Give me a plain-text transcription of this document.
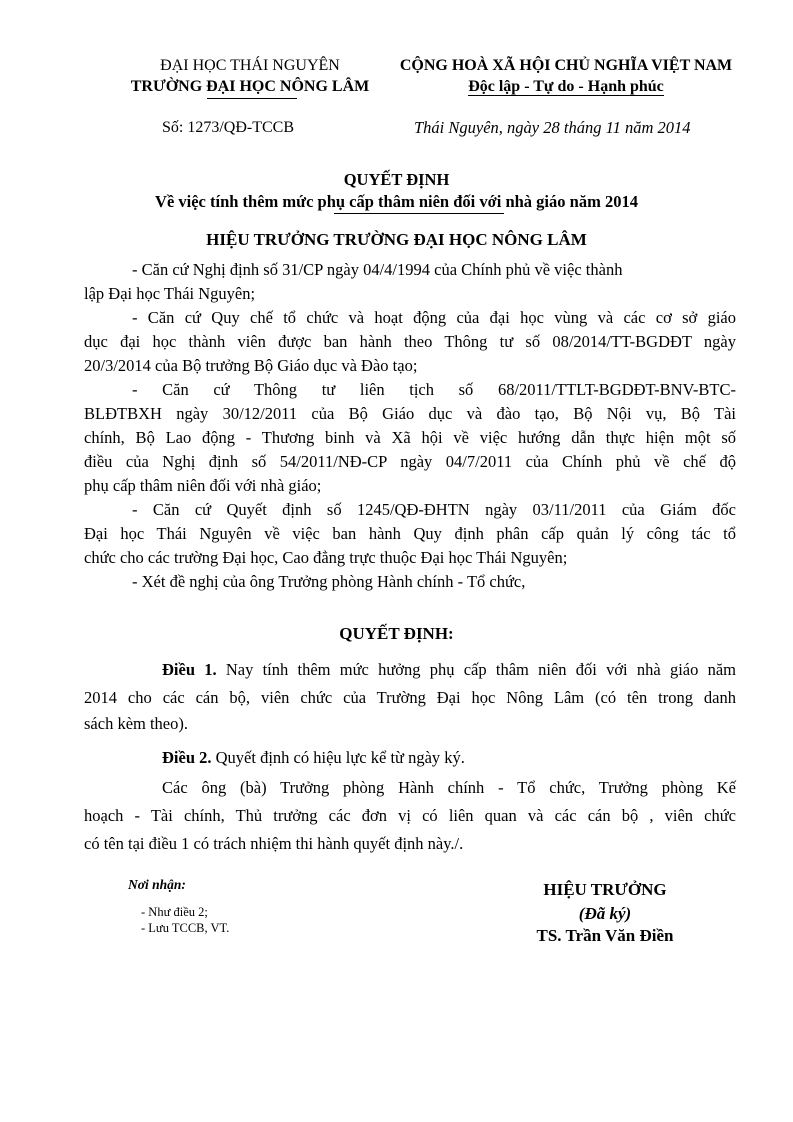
ĐẠI HỌC THÁI NGUYÊN
TRƯỜNG ĐẠI HỌC NÔNG LÂM
Số: 1273/QĐ-TCCB
CỘNG HOÀ XÃ HỘI CHỦ NGHĨA VIỆT NAM
Độc lập - Tự do - Hạnh phúc
Thái Nguyên, ngày 28 tháng 11 năm 2014
QUYẾT ĐỊNH
Về việc tính thêm mức phụ cấp thâm niên đối với nhà giáo năm 2014
HIỆU TRƯỞNG TRƯỜNG ĐẠI HỌC NÔNG LÂM
- Căn cứ Nghị định số 31/CP ngày 04/4/1994 của Chính phủ về việc thành
lập Đại học Thái Nguyên;
- Căn cứ Quy chế tổ chức và hoạt động của đại học vùng và các cơ sở giáo
dục đại học thành viên được ban hành theo Thông tư số 08/2014/TT-BGDĐT ngày
20/3/2014 của Bộ trưởng Bộ Giáo dục và Đào tạo;
- Căn cứ Thông tư liên tịch số 68/2011/TTLT-BGDĐT-BNV-BTC-
BLĐTBXH ngày 30/12/2011 của Bộ Giáo dục và đào tạo, Bộ Nội vụ, Bộ Tài
chính, Bộ Lao động - Thương binh và Xã hội về việc hướng dẫn thực hiện một số
điều của Nghị định số 54/2011/NĐ-CP ngày 04/7/2011 của Chính phủ về chế độ
phụ cấp thâm niên đối với nhà giáo;
- Căn cứ Quyết định số 1245/QĐ-ĐHTN ngày 03/11/2011 của Giám đốc
Đại học Thái Nguyên về việc ban hành Quy định phân cấp quản lý công tác tổ
chức cho các trường Đại học, Cao đẳng trực thuộc Đại học Thái Nguyên;
- Xét đề nghị của ông Trưởng phòng Hành chính - Tổ chức,
QUYẾT ĐỊNH:
Điều 1. Nay tính thêm mức hưởng phụ cấp thâm niên đối với nhà giáo năm
2014 cho các cán bộ, viên chức của Trường Đại học Nông Lâm (có tên trong danh
sách kèm theo).
Điều 2. Quyết định có hiệu lực kể từ ngày ký.
Các ông (bà) Trưởng phòng Hành chính - Tổ chức, Trưởng phòng Kế
hoạch - Tài chính, Thủ trưởng các đơn vị có liên quan và các cán bộ , viên chức
có tên tại điều 1 có trách nhiệm thi hành quyết định này./.
Nơi nhận:
- Như điều 2;
- Lưu TCCB, VT.
HIỆU TRƯỞNG
(Đã ký)
TS. Trần Văn Điền
